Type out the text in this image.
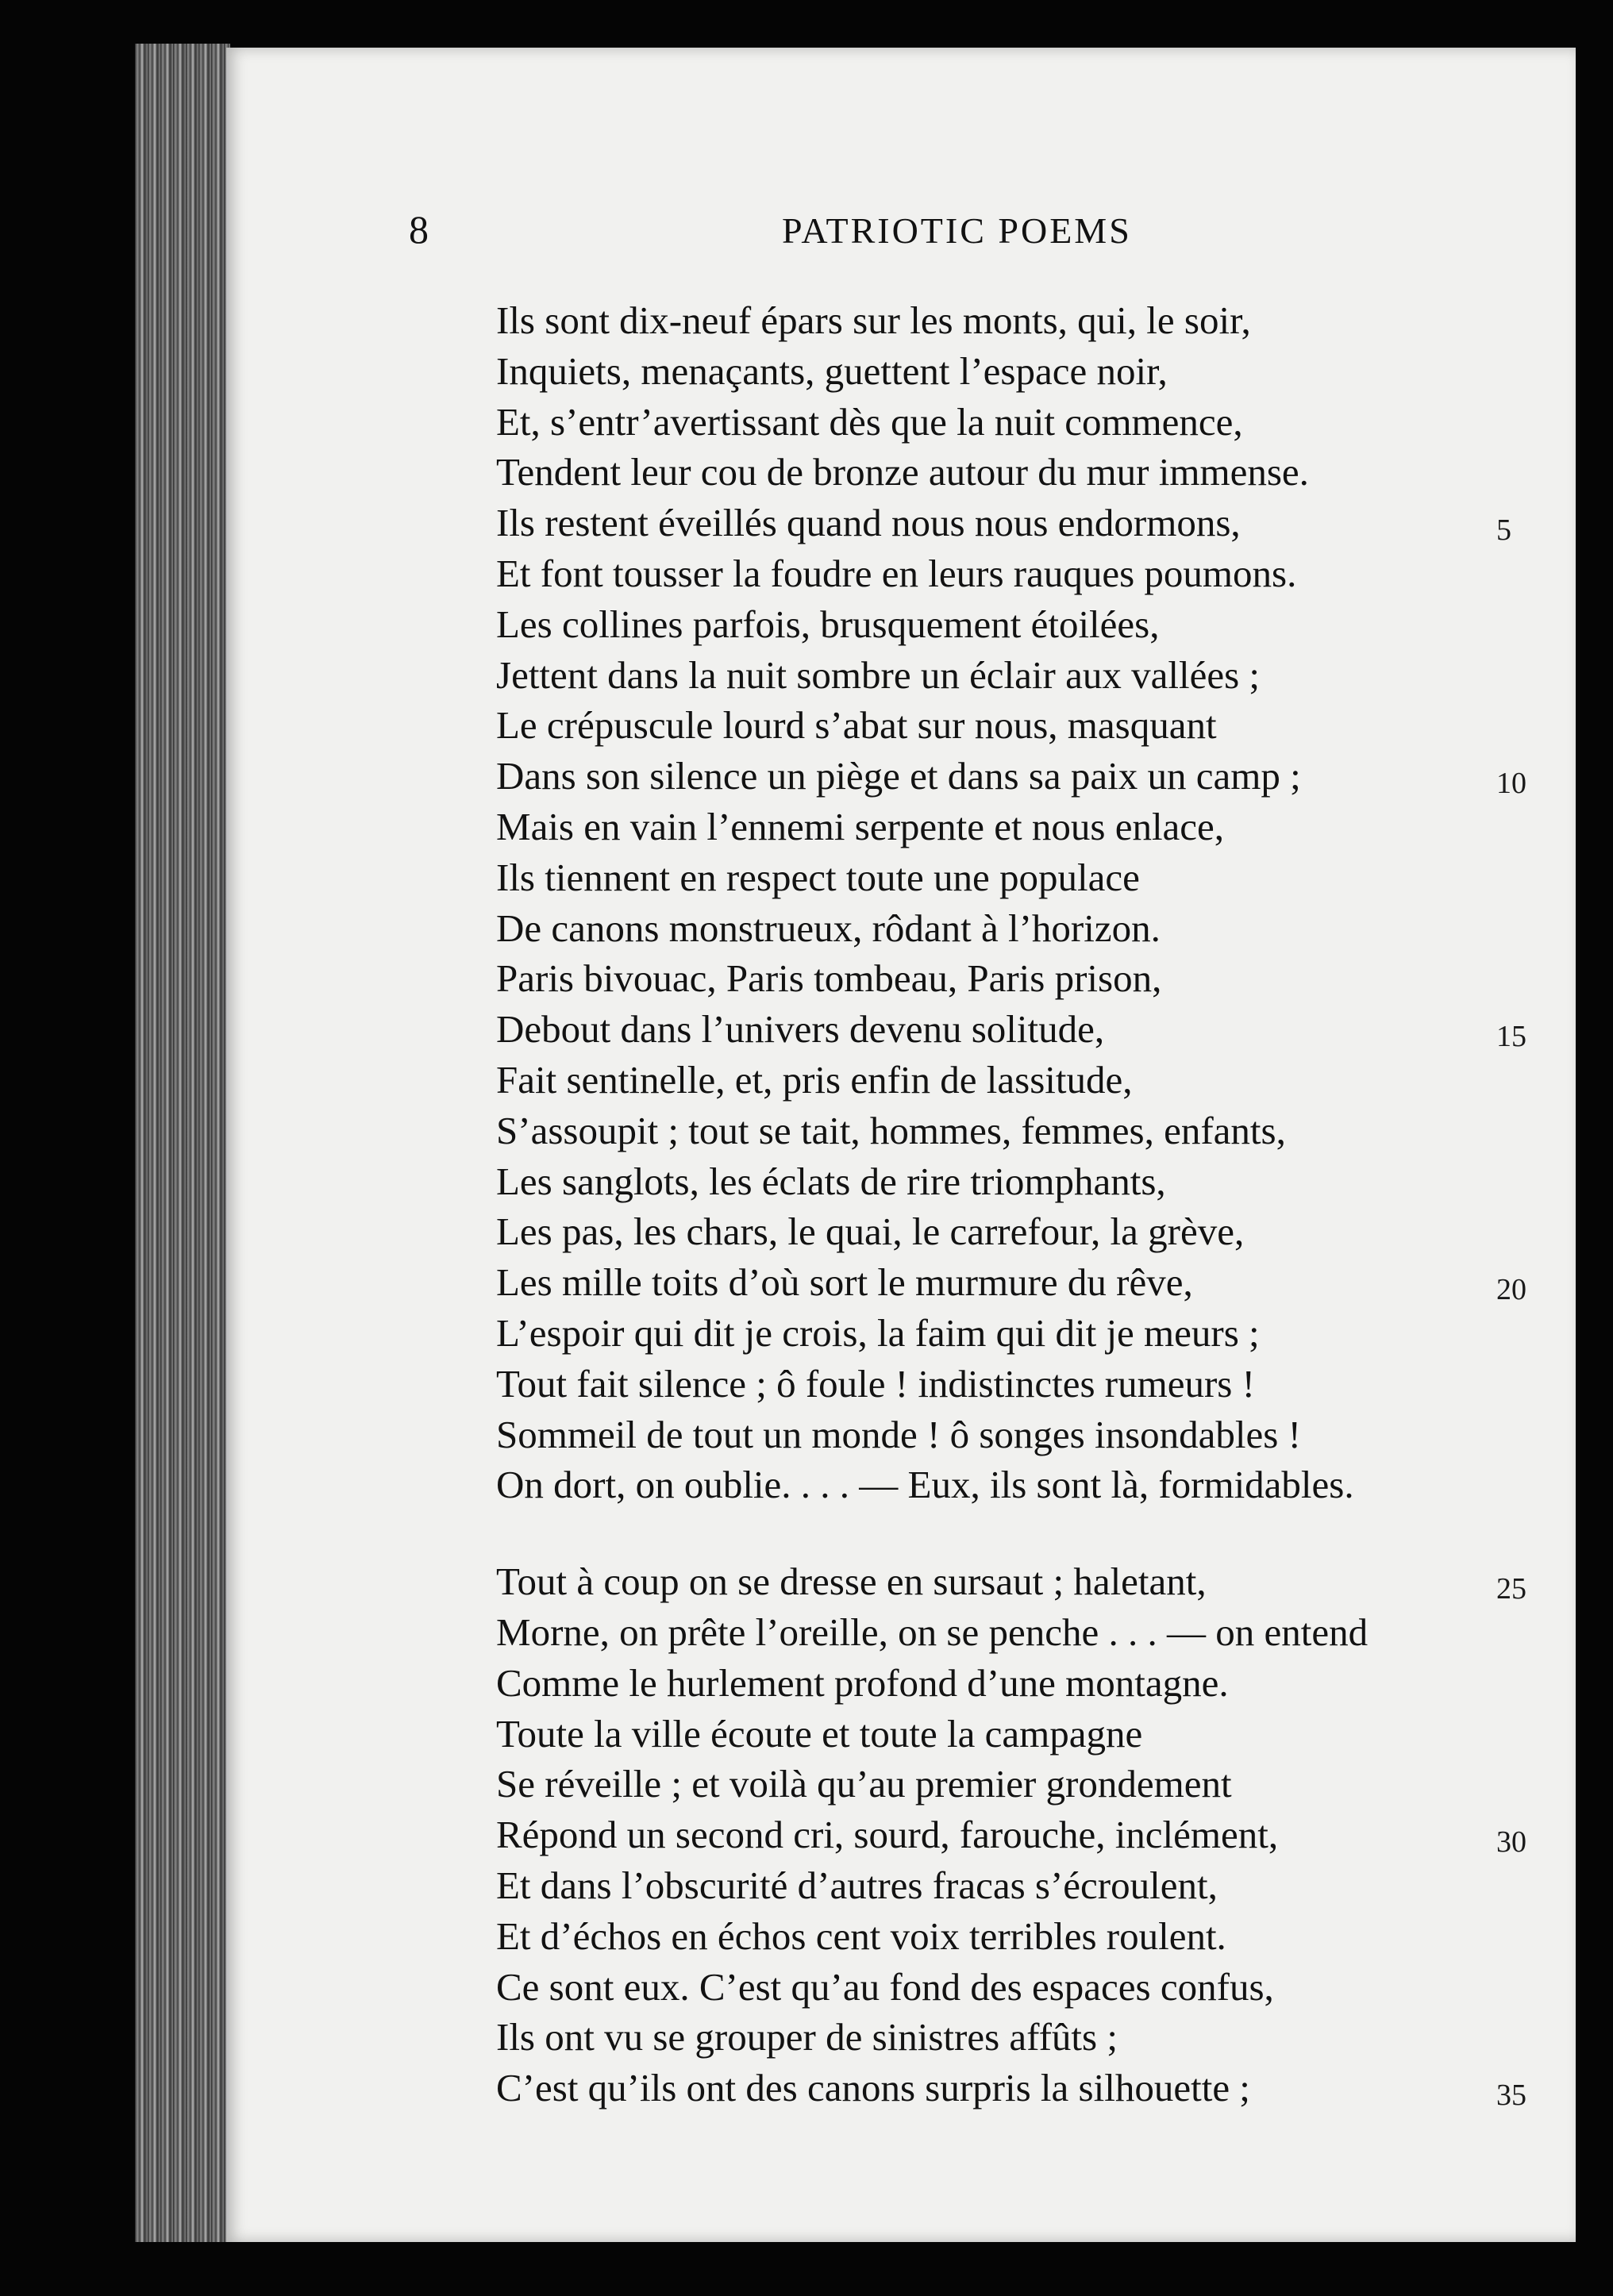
8	PATRIOTIC POEMS
Ils sont dix-neuf épars sur les monts, qui, le soir,
Inquiets, menaçants, guettent l’espace noir,
Et, s’entr’avertissant dès que la nuit commence,
Tendent leur cou de bronze autour du mur immense.
Ils restent éveillés quand nous nous endormons,	5
Et font tousser la foudre en leurs rauques poumons.
Les collines parfois, brusquement étoilées,
Jettent dans la nuit sombre un éclair aux vallées ;
Le crépuscule lourd s’abat sur nous, masquant
Dans son silence un piège et dans sa paix un camp ;	10
Mais en vain l’ennemi serpente et nous enlace,
Ils tiennent en respect toute une populace
De canons monstrueux, rôdant à l’horizon.
Paris bivouac, Paris tombeau, Paris prison,
Debout dans l’univers devenu solitude,	15
Fait sentinelle, et, pris enfin de lassitude,
S’assoupit ; tout se tait, hommes, femmes, enfants,
Les sanglots, les éclats de rire triomphants,
Les pas, les chars, le quai, le carrefour, la grève,
Les mille toits d’où sort le murmure du rêve,	20
L’espoir qui dit je crois, la faim qui dit je meurs ;
Tout fait silence ; ô foule ! indistinctes rumeurs !
Sommeil de tout un monde ! ô songes insondables !
On dort, on oublie. . . . — Eux, ils sont là, formidables.
Tout à coup on se dresse en sursaut ; haletant,	25
Morne, on prête l’oreille, on se penche . . . — on entend
Comme le hurlement profond d’une montagne.
Toute la ville écoute et toute la campagne
Se réveille ; et voilà qu’au premier grondement
Répond un second cri, sourd, farouche, inclément,	30
Et dans l’obscurité d’autres fracas s’écroulent,
Et d’échos en échos cent voix terribles roulent.
Ce sont eux. C’est qu’au fond des espaces confus,
Ils ont vu se grouper de sinistres affûts ;
C’est qu’ils ont des canons surpris la silhouette ;	35
